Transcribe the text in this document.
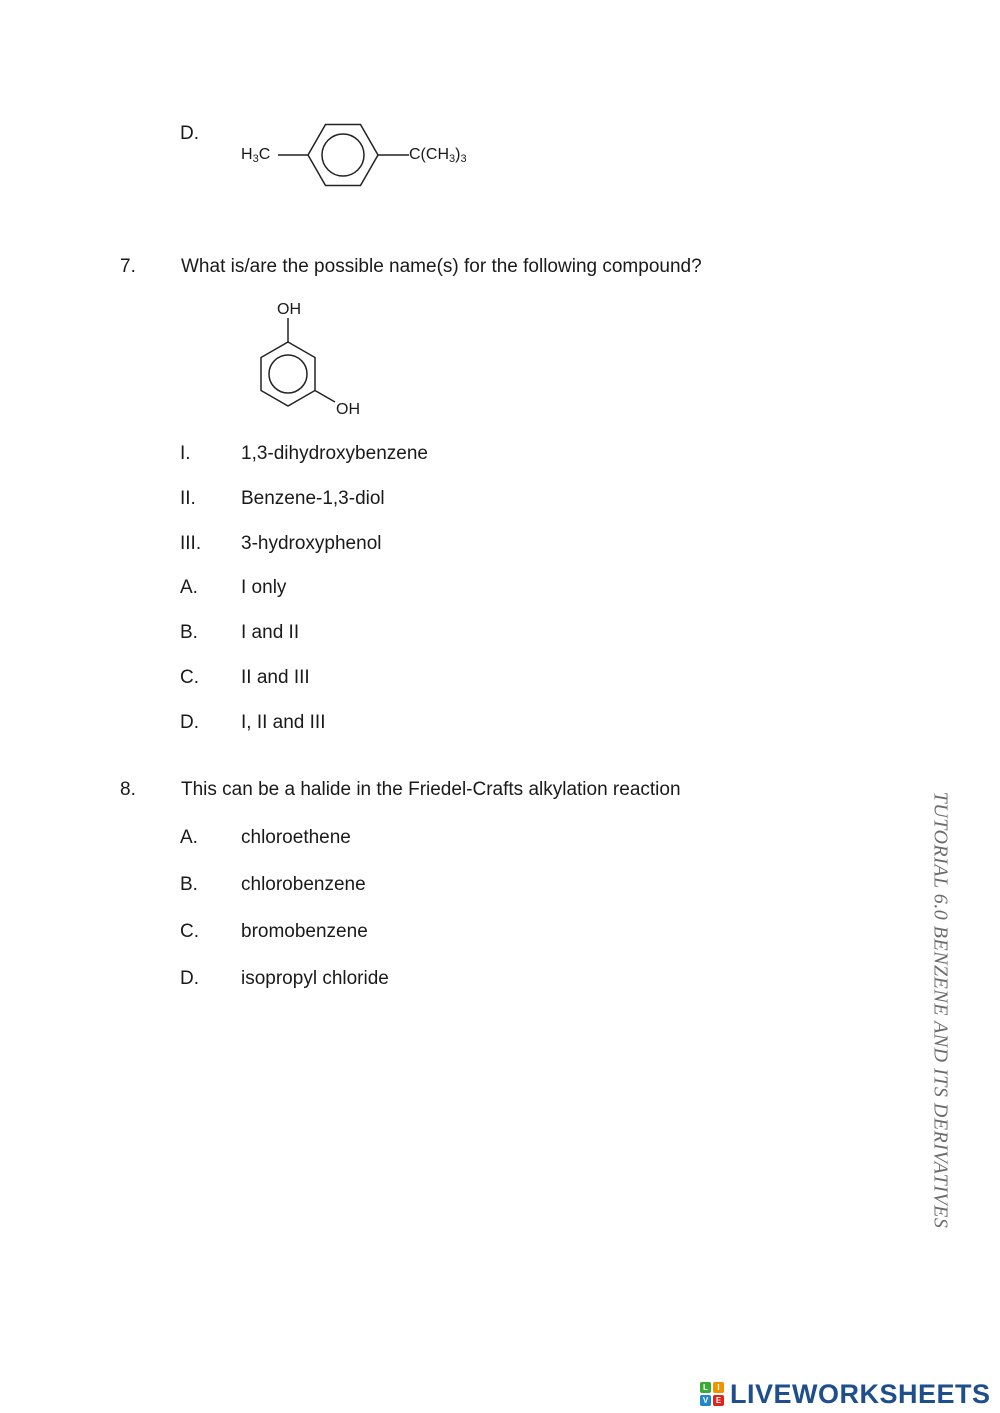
D.
$H_3C$	$C(CH_3)_3$
7. What is/are the possible name(s) for the following compound?
OH
OH
I.	1,3-dihydroxybenzene
II. Benzene-1,3-diol
III. 3-hydroxyphenol
A. I only
B. I and II
C. II and III
D. I, II and III
8. This can be a halide in the Friedel-Crafts alkylation reaction
A. chloroethene
B. chlorobenzene
C. bromobenzene
D. isopropyl chloride	TUTORIAL 6.0 BENZENE AND ITS DERIVATIVES
L	I
V E LIVEWORKSHEETS
